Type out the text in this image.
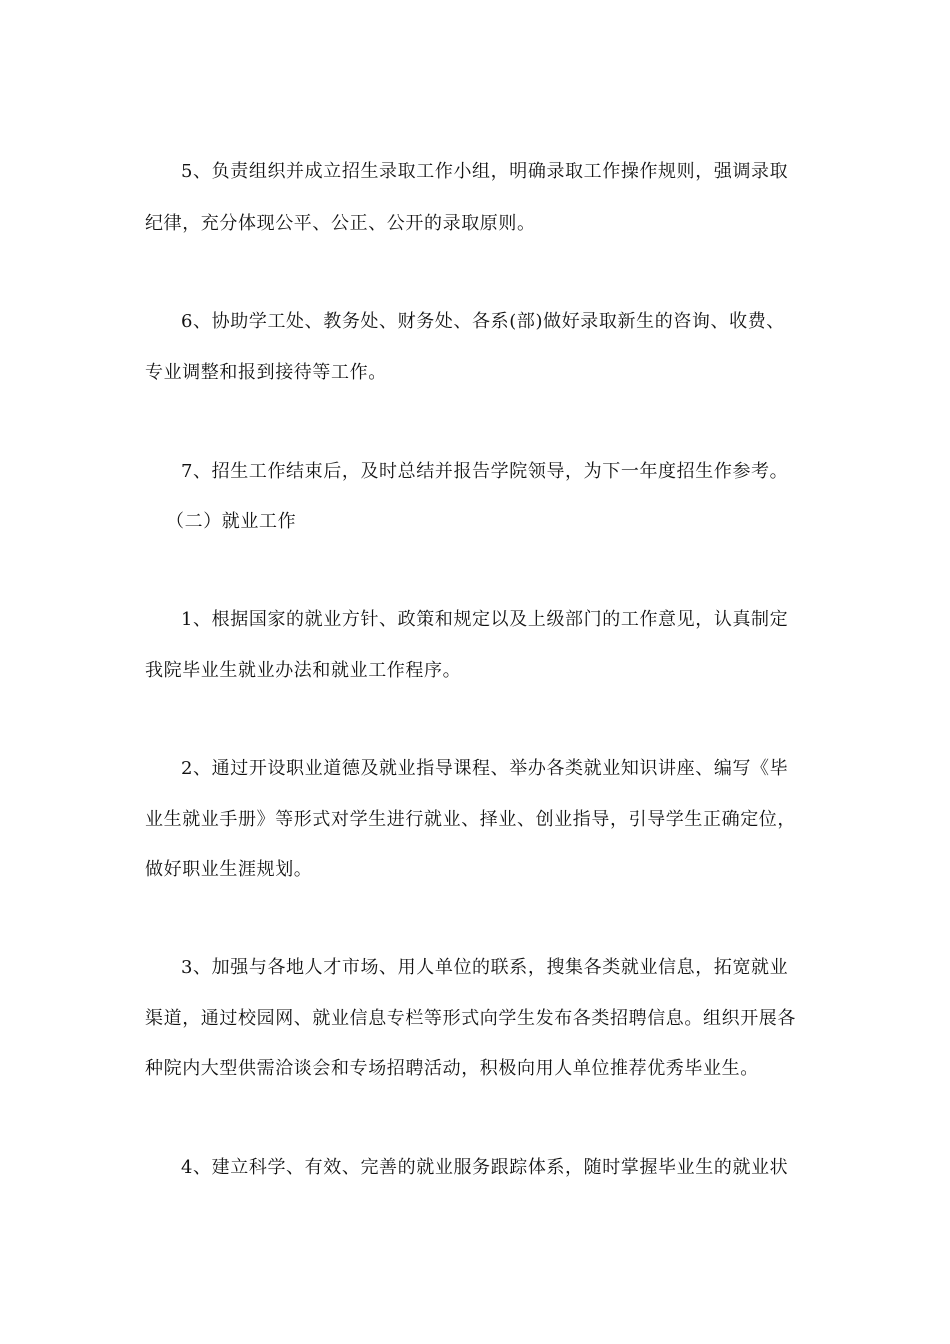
5、负责组织并成立招生录取工作小组，明确录取工作操作规则，强调录取
纪律，充分体现公平、公正、公开的录取原则。
6、协助学工处、教务处、财务处、各系(部)做好录取新生的咨询、收费、
专业调整和报到接待等工作。
7、招生工作结束后，及时总结并报告学院领导，为下一年度招生作参考。
（二）就业工作
1、根据国家的就业方针、政策和规定以及上级部门的工作意见，认真制定
我院毕业生就业办法和就业工作程序。
2、通过开设职业道德及就业指导课程、举办各类就业知识讲座、编写《毕
业生就业手册》等形式对学生进行就业、择业、创业指导，引导学生正确定位，
做好职业生涯规划。
3、加强与各地人才市场、用人单位的联系，搜集各类就业信息，拓宽就业
渠道，通过校园网、就业信息专栏等形式向学生发布各类招聘信息。组织开展各
种院内大型供需洽谈会和专场招聘活动，积极向用人单位推荐优秀毕业生。
4、建立科学、有效、完善的就业服务跟踪体系，随时掌握毕业生的就业状
